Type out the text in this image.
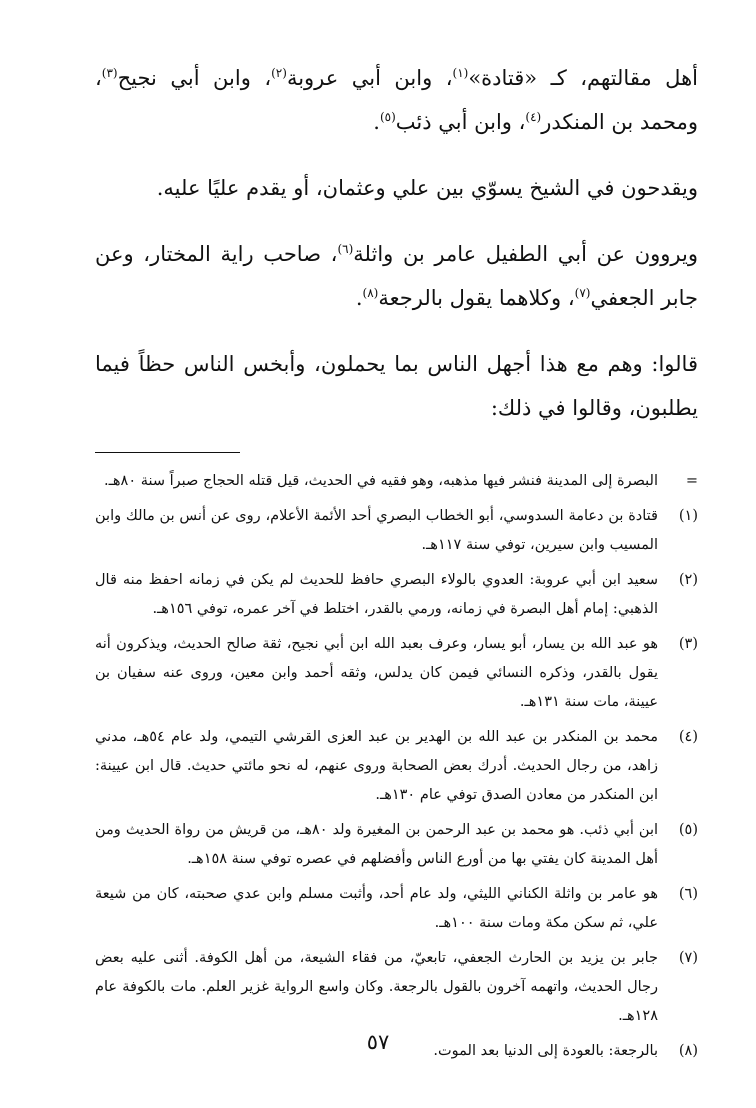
أهل مقالتهم، كـ «قتادة»$^{(١)}$، وابن أبي عروبة$^{(٢)}$، وابن أبي نجيح$^{(٣)}$، ومحمد بن المنكدر$^{(٤)}$، وابن أبي ذئب$^{(٥)}$.

ويقدحون في الشيخ يسوّي بين علي وعثمان، أو يقدم عليًا عليه.

ويروون عن أبي الطفيل عامر بن واثلة$^{(٦)}$، صاحب راية المختار، وعن جابر الجعفي$^{(٧)}$، وكلاهما يقول بالرجعة$^{(٨)}$.

قالوا: وهم مع هذا أجهل الناس بما يحملون، وأبخس الناس حظاً فيما يطلبون، وقالوا في ذلك:

=
البصرة إلى المدينة فنشر فيها مذهبه، وهو فقيه في الحديث، قيل قتله الحجاج صبراً سنة ٨٠هـ.
(١)
قتادة بن دعامة السدوسي، أبو الخطاب البصري أحد الأئمة الأعلام، روى عن أنس بن مالك وابن المسيب وابن سيرين، توفي سنة ١١٧هـ.
(٢)
سعيد ابن أبي عروبة: العدوي بالولاء البصري حافظ للحديث لم يكن في زمانه احفظ منه قال الذهبي: إمام أهل البصرة في زمانه، ورمي بالقدر، اختلط في آخر عمره، توفي ١٥٦هـ.
(٣)
هو عبد الله بن يسار، أبو يسار، وعرف بعبد الله ابن أبي نجيح، ثقة صالح الحديث، ويذكرون أنه يقول بالقدر، وذكره النسائي فيمن كان يدلس، وثقه أحمد وابن معين، وروى عنه سفيان بن عيينة، مات سنة ١٣١هـ.
(٤)
محمد بن المنكدر بن عبد الله بن الهدير بن عبد العزى القرشي التيمي، ولد عام ٥٤هـ، مدني زاهد، من رجال الحديث. أدرك بعض الصحابة وروى عنهم، له نحو مائتي حديث. قال ابن عيينة: ابن المنكدر من معادن الصدق توفي عام ١٣٠هـ.
(٥)
ابن أبي ذئب. هو محمد بن عبد الرحمن بن المغيرة ولد ٨٠هـ، من قريش من رواة الحديث ومن أهل المدينة كان يفتي بها من أورع الناس وأفضلهم في عصره توفي سنة ١٥٨هـ.
(٦)
هو عامر بن واثلة الكناني الليثي، ولد عام أحد، وأثبت مسلم وابن عدي صحبته، كان من شيعة علي، ثم سكن مكة ومات سنة ١٠٠هـ.
(٧)
جابر بن يزيد بن الحارث الجعفي، تابعيّ، من فقاء الشيعة، من أهل الكوفة. أثنى عليه بعض رجال الحديث، واتهمه آخرون بالقول بالرجعة. وكان واسع الرواية غزير العلم. مات بالكوفة عام ١٢٨هـ.
(٨)
بالرجعة: بالعودة إلى الدنيا بعد الموت.
٥٧
